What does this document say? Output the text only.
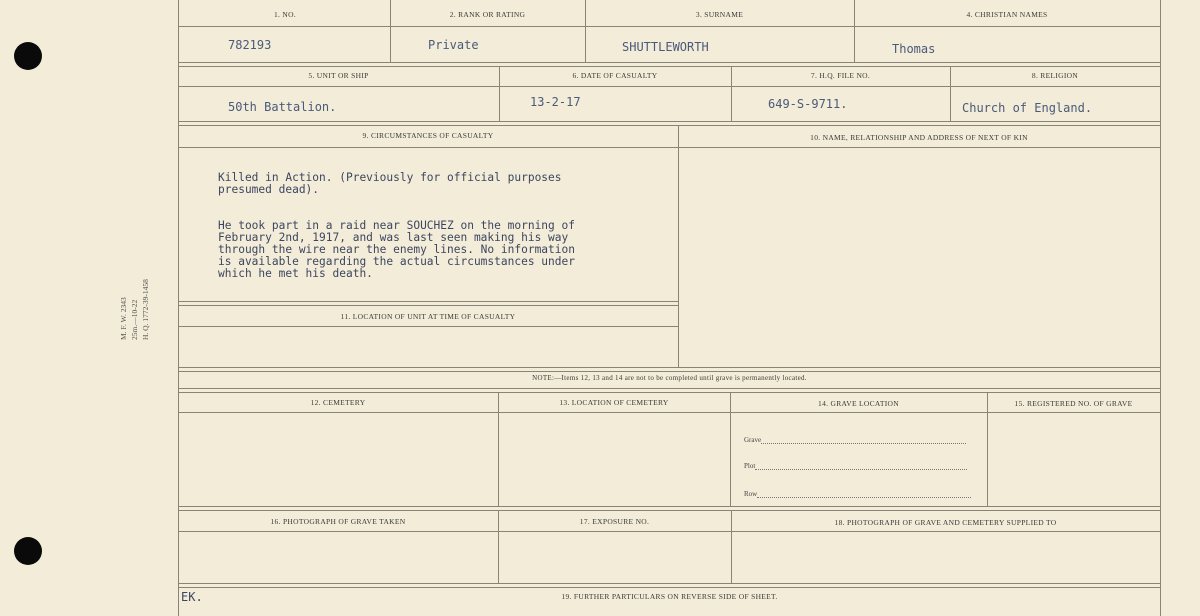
M. F. W. 2343 25m.—10-22 H. Q. 1772-39-1458
1. NO.	2. RANK OR RATING	3. SURNAME	4. CHRISTIAN NAMES
782193	Private	SHUTTLEWORTH	Thomas
5. UNIT OR SHIP	6. DATE OF CASUALTY	7. H.Q. FILE NO.	8. RELIGION
50th Battalion.	13-2-17	649-S-9711.	Church of England.
9. CIRCUMSTANCES OF CASUALTY	10. NAME, RELATIONSHIP AND ADDRESS OF NEXT OF KIN

Killed in Action. (Previously for official purposes
presumed dead).

He took part in a raid near SOUCHEZ on the morning of
February 2nd, 1917, and was last seen making his way
through the wire near the enemy lines. No information
is available regarding the actual circumstances under
which he met his death.

11. LOCATION OF UNIT AT TIME OF CASUALTY
NOTE:—Items 12, 13 and 14 are not to be completed until grave is permanently located.
12. CEMETERY	13. LOCATION OF CEMETERY	14. GRAVE LOCATION	15. REGISTERED NO. OF GRAVE
Grave
Plot
Row
16. PHOTOGRAPH OF GRAVE TAKEN	17. EXPOSURE NO.	18. PHOTOGRAPH OF GRAVE AND CEMETERY SUPPLIED TO
19. FURTHER PARTICULARS ON REVERSE SIDE OF SHEET.
EK.
